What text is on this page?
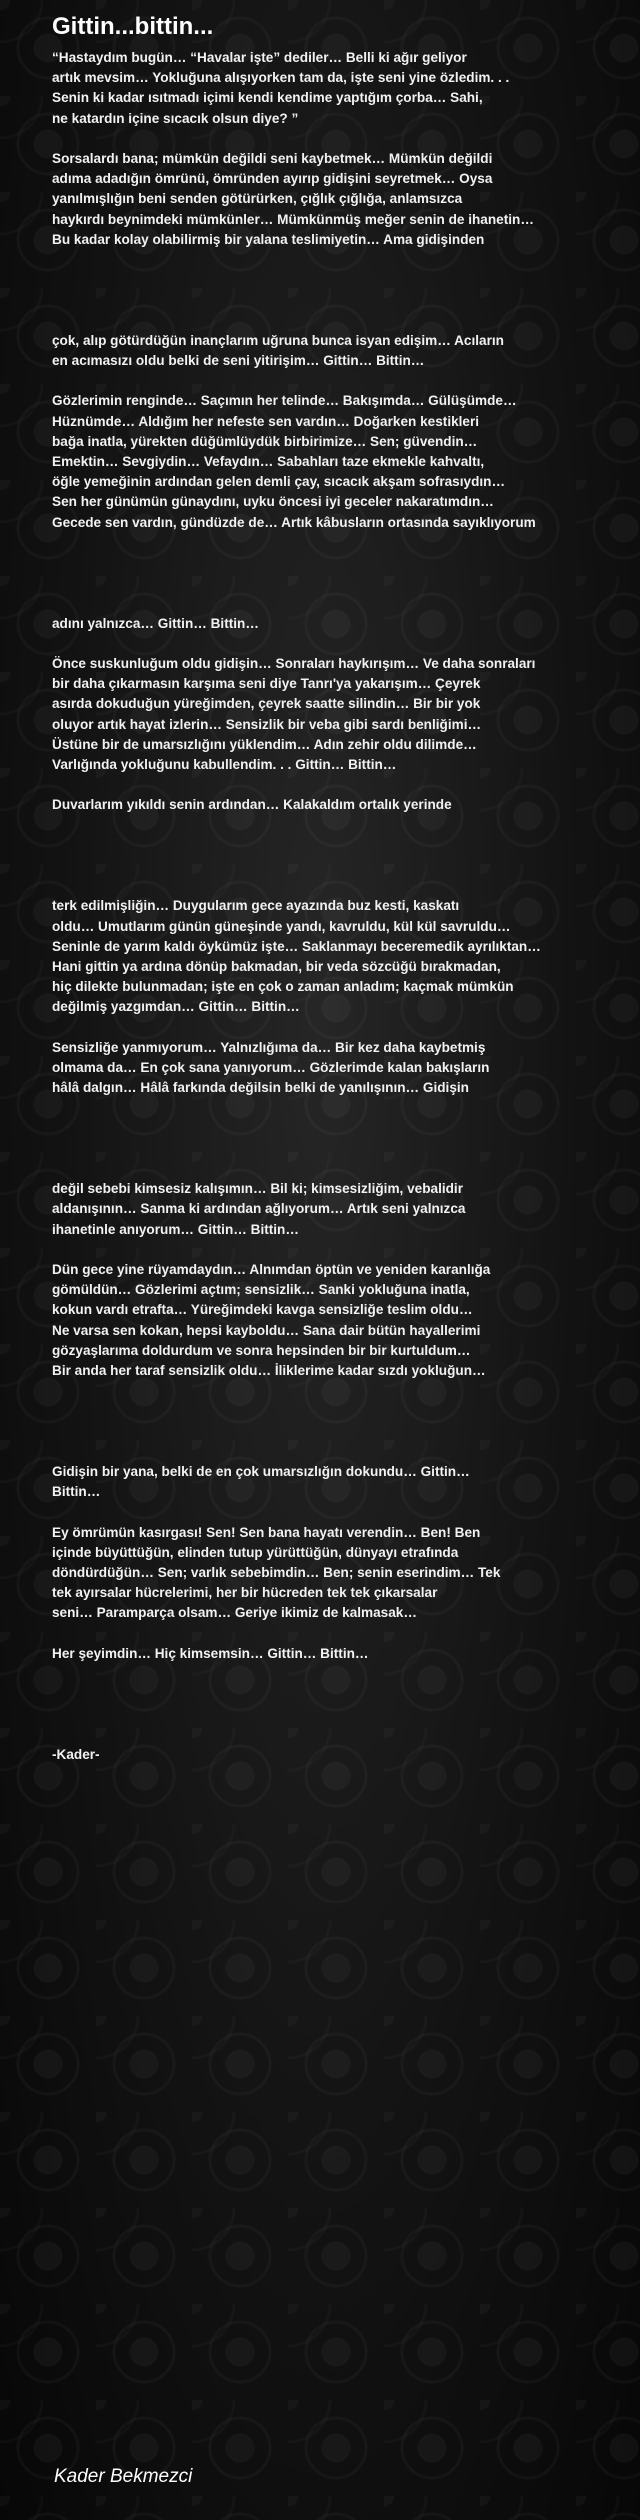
Gittin...bittin...

“Hastaydım bugün… “Havalar işte” dediler… Belli ki ağır geliyor

artık mevsim… Yokluğuna alışıyorken tam da, işte seni yine özledim. . .

Senin ki kadar ısıtmadı içimi kendi kendime yaptığım çorba… Sahi,

ne katardın içine sıcacık olsun diye? ”

Sorsalardı bana; mümkün değildi seni kaybetmek… Mümkün değildi

adıma adadığın ömrünü, ömründen ayırıp gidişini seyretmek… Oysa

yanılmışlığın beni senden götürürken, çığlık çığlığa, anlamsızca

haykırdı beynimdeki mümkünler… Mümkünmüş meğer senin de ihanetin…

Bu kadar kolay olabilirmiş bir yalana teslimiyetin… Ama gidişinden

çok, alıp götürdüğün inançlarım uğruna bunca isyan edişim… Acıların

en acımasızı oldu belki de seni yitirişim… Gittin… Bittin…

Gözlerimin renginde… Saçımın her telinde… Bakışımda… Gülüşümde…

Hüznümde… Aldığım her nefeste sen vardın… Doğarken kestikleri

bağa inatla, yürekten düğümlüydük birbirimize… Sen; güvendin…

Emektin… Sevgiydin… Vefaydın… Sabahları taze ekmekle kahvaltı,

öğle yemeğinin ardından gelen demli çay, sıcacık akşam sofrasıydın…

Sen her günümün günaydını, uyku öncesi iyi geceler nakaratımdın…

Gecede sen vardın, gündüzde de… Artık kâbusların ortasında sayıklıyorum

adını yalnızca… Gittin… Bittin…

Önce suskunluğum oldu gidişin… Sonraları haykırışım… Ve daha sonraları

bir daha çıkarmasın karşıma seni diye Tanrı'ya yakarışım… Çeyrek

asırda dokuduğun yüreğimden, çeyrek saatte silindin… Bir bir yok

oluyor artık hayat izlerin… Sensizlik bir veba gibi sardı benliğimi…

Üstüne bir de umarsızlığını yüklendim… Adın zehir oldu dilimde…

Varlığında yokluğunu kabullendim. . . Gittin… Bittin…

Duvarlarım yıkıldı senin ardından… Kalakaldım ortalık yerinde

terk edilmişliğin… Duygularım gece ayazında buz kesti, kaskatı

oldu… Umutlarım günün güneşinde yandı, kavruldu, kül kül savruldu…

Seninle de yarım kaldı öykümüz işte… Saklanmayı beceremedik ayrılıktan…

Hani gittin ya ardına dönüp bakmadan, bir veda sözcüğü bırakmadan,

hiç dilekte bulunmadan; işte en çok o zaman anladım; kaçmak mümkün

değilmiş yazgımdan… Gittin… Bittin…

Sensizliğe yanmıyorum… Yalnızlığıma da… Bir kez daha kaybetmiş

olmama da… En çok sana yanıyorum… Gözlerimde kalan bakışların

hâlâ dalgın… Hâlâ farkında değilsin belki de yanılışının… Gidişin

değil sebebi kimsesiz kalışımın… Bil ki; kimsesizliğim, vebalidir

aldanışının… Sanma ki ardından ağlıyorum… Artık seni yalnızca

ihanetinle anıyorum… Gittin… Bittin…

Dün gece yine rüyamdaydın… Alnımdan öptün ve yeniden karanlığa

gömüldün… Gözlerimi açtım; sensizlik… Sanki yokluğuna inatla,

kokun vardı etrafta… Yüreğimdeki kavga sensizliğe teslim oldu…

Ne varsa sen kokan, hepsi kayboldu… Sana dair bütün hayallerimi

gözyaşlarıma doldurdum ve sonra hepsinden bir bir kurtuldum…

Bir anda her taraf sensizlik oldu… İliklerime kadar sızdı yokluğun…

Gidişin bir yana, belki de en çok umarsızlığın dokundu… Gittin…

Bittin…

Ey ömrümün kasırgası! Sen! Sen bana hayatı verendin… Ben! Ben

içinde büyüttüğün, elinden tutup yürüttüğün, dünyayı etrafında

döndürdüğün… Sen; varlık sebebimdin… Ben; senin eserindim… Tek

tek ayırsalar hücrelerimi, her bir hücreden tek tek çıkarsalar

seni… Paramparça olsam… Geriye ikimiz de kalmasak…

Her şeyimdin… Hiç kimsemsin… Gittin… Bittin…

-Kader-

Kader Bekmezci
